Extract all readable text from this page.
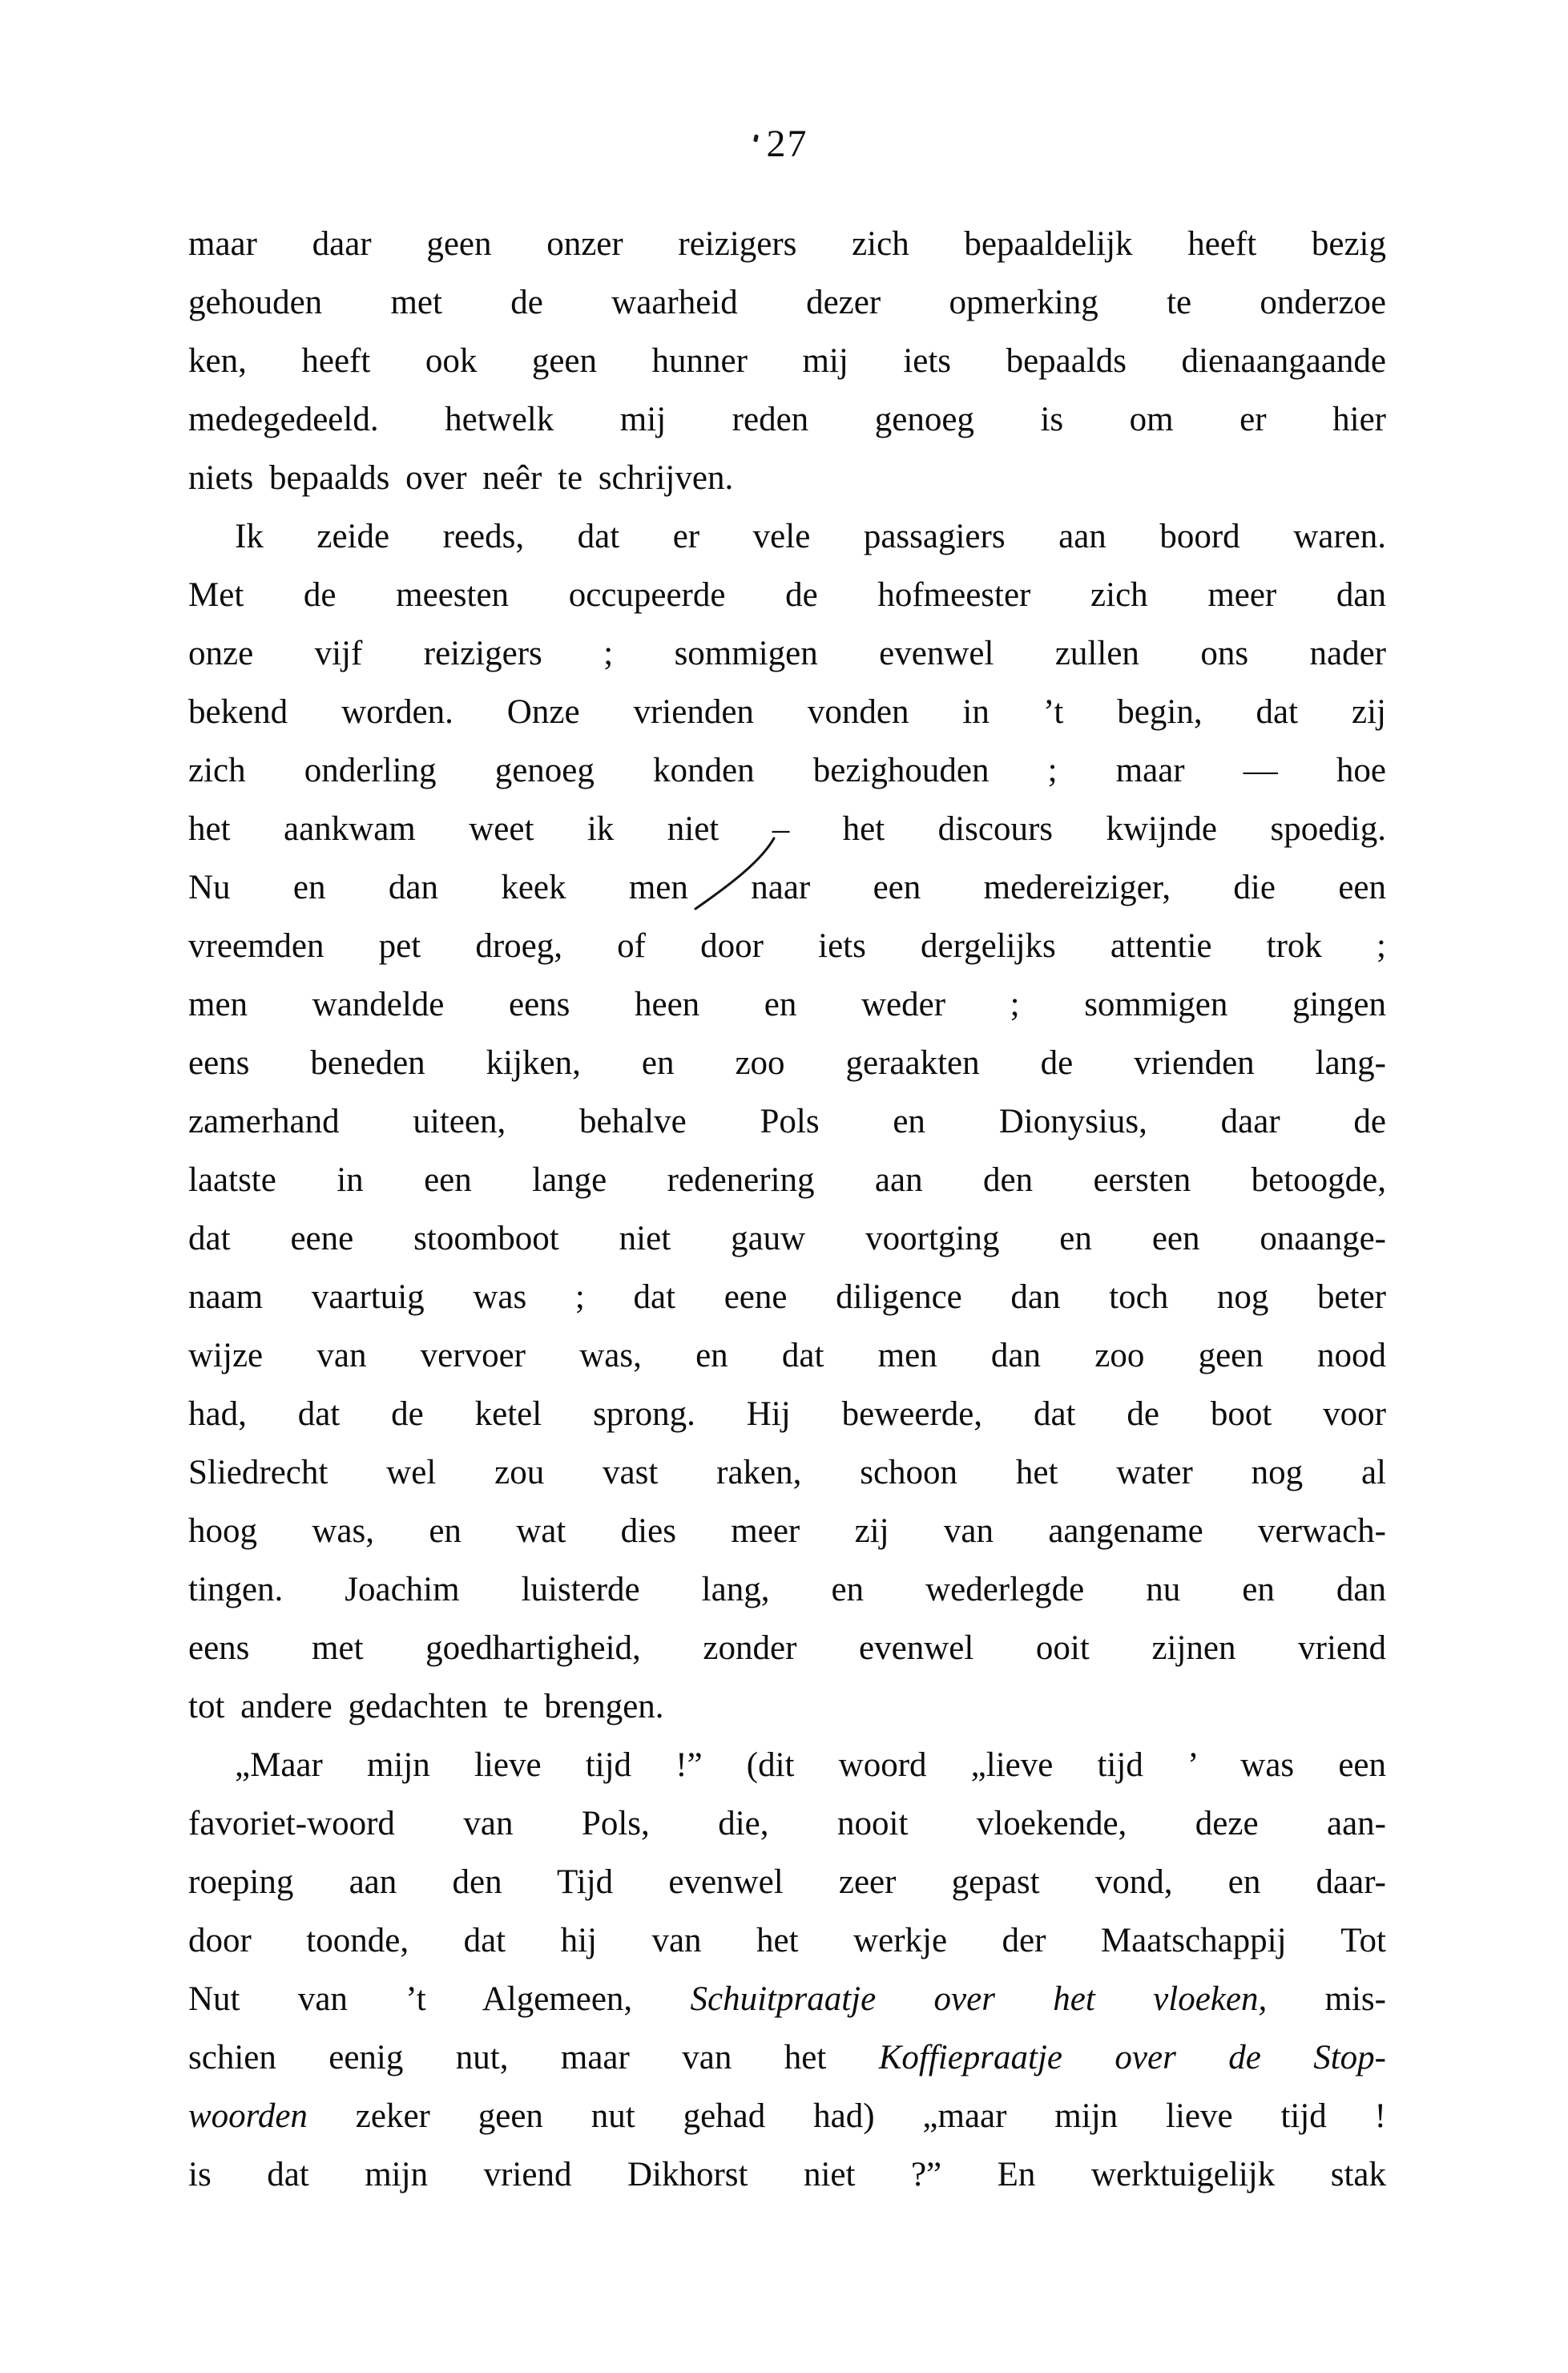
27
maar daar geen onzer reizigers zich bepaaldelijk heeft bezig
gehouden met de waarheid dezer opmerking te onderzoe
ken, heeft ook geen hunner mij iets bepaalds dienaangaande
medegedeeld. hetwelk mij reden genoeg is om er hier
niets bepaalds over neêr te schrijven.
Ik zeide reeds, dat er vele passagiers aan boord waren.
Met de meesten occupeerde de hofmeester zich meer dan
onze vijf reizigers ; sommigen evenwel zullen ons nader
bekend worden. Onze vrienden vonden in ’t begin, dat zij
zich onderling genoeg konden bezighouden ; maar — hoe
het aankwam weet ik niet – het discours kwijnde spoedig.
Nu en dan keek men naar een medereiziger, die een
vreemden pet droeg, of door iets dergelijks attentie trok ;
men wandelde eens heen en weder ; sommigen gingen
eens beneden kijken, en zoo geraakten de vrienden lang-
zamerhand uiteen, behalve Pols en Dionysius, daar de
laatste in een lange redenering aan den eersten betoogde,
dat eene stoomboot niet gauw voortging en een onaange-
naam vaartuig was ; dat eene diligence dan toch nog beter
wijze van vervoer was, en dat men dan zoo geen nood
had, dat de ketel sprong. Hij beweerde, dat de boot voor
Sliedrecht wel zou vast raken, schoon het water nog al
hoog was, en wat dies meer zij van aangename verwach-
tingen. Joachim luisterde lang, en wederlegde nu en dan
eens met goedhartigheid, zonder evenwel ooit zijnen vriend
tot andere gedachten te brengen.
„Maar mijn lieve tijd !” (dit woord „lieve tijd ’ was een
favoriet-woord van Pols, die, nooit vloekende, deze aan-
roeping aan den Tijd evenwel zeer gepast vond, en daar-
door toonde, dat hij van het werkje der Maatschappij Tot
Nut van ’t Algemeen, Schuitpraatje over het vloeken, mis-
schien eenig nut, maar van het Koffiepraatje over de Stop-
woorden zeker geen nut gehad had) „maar mijn lieve tijd !
is dat mijn vriend Dikhorst niet ?” En werktuigelijk stak
